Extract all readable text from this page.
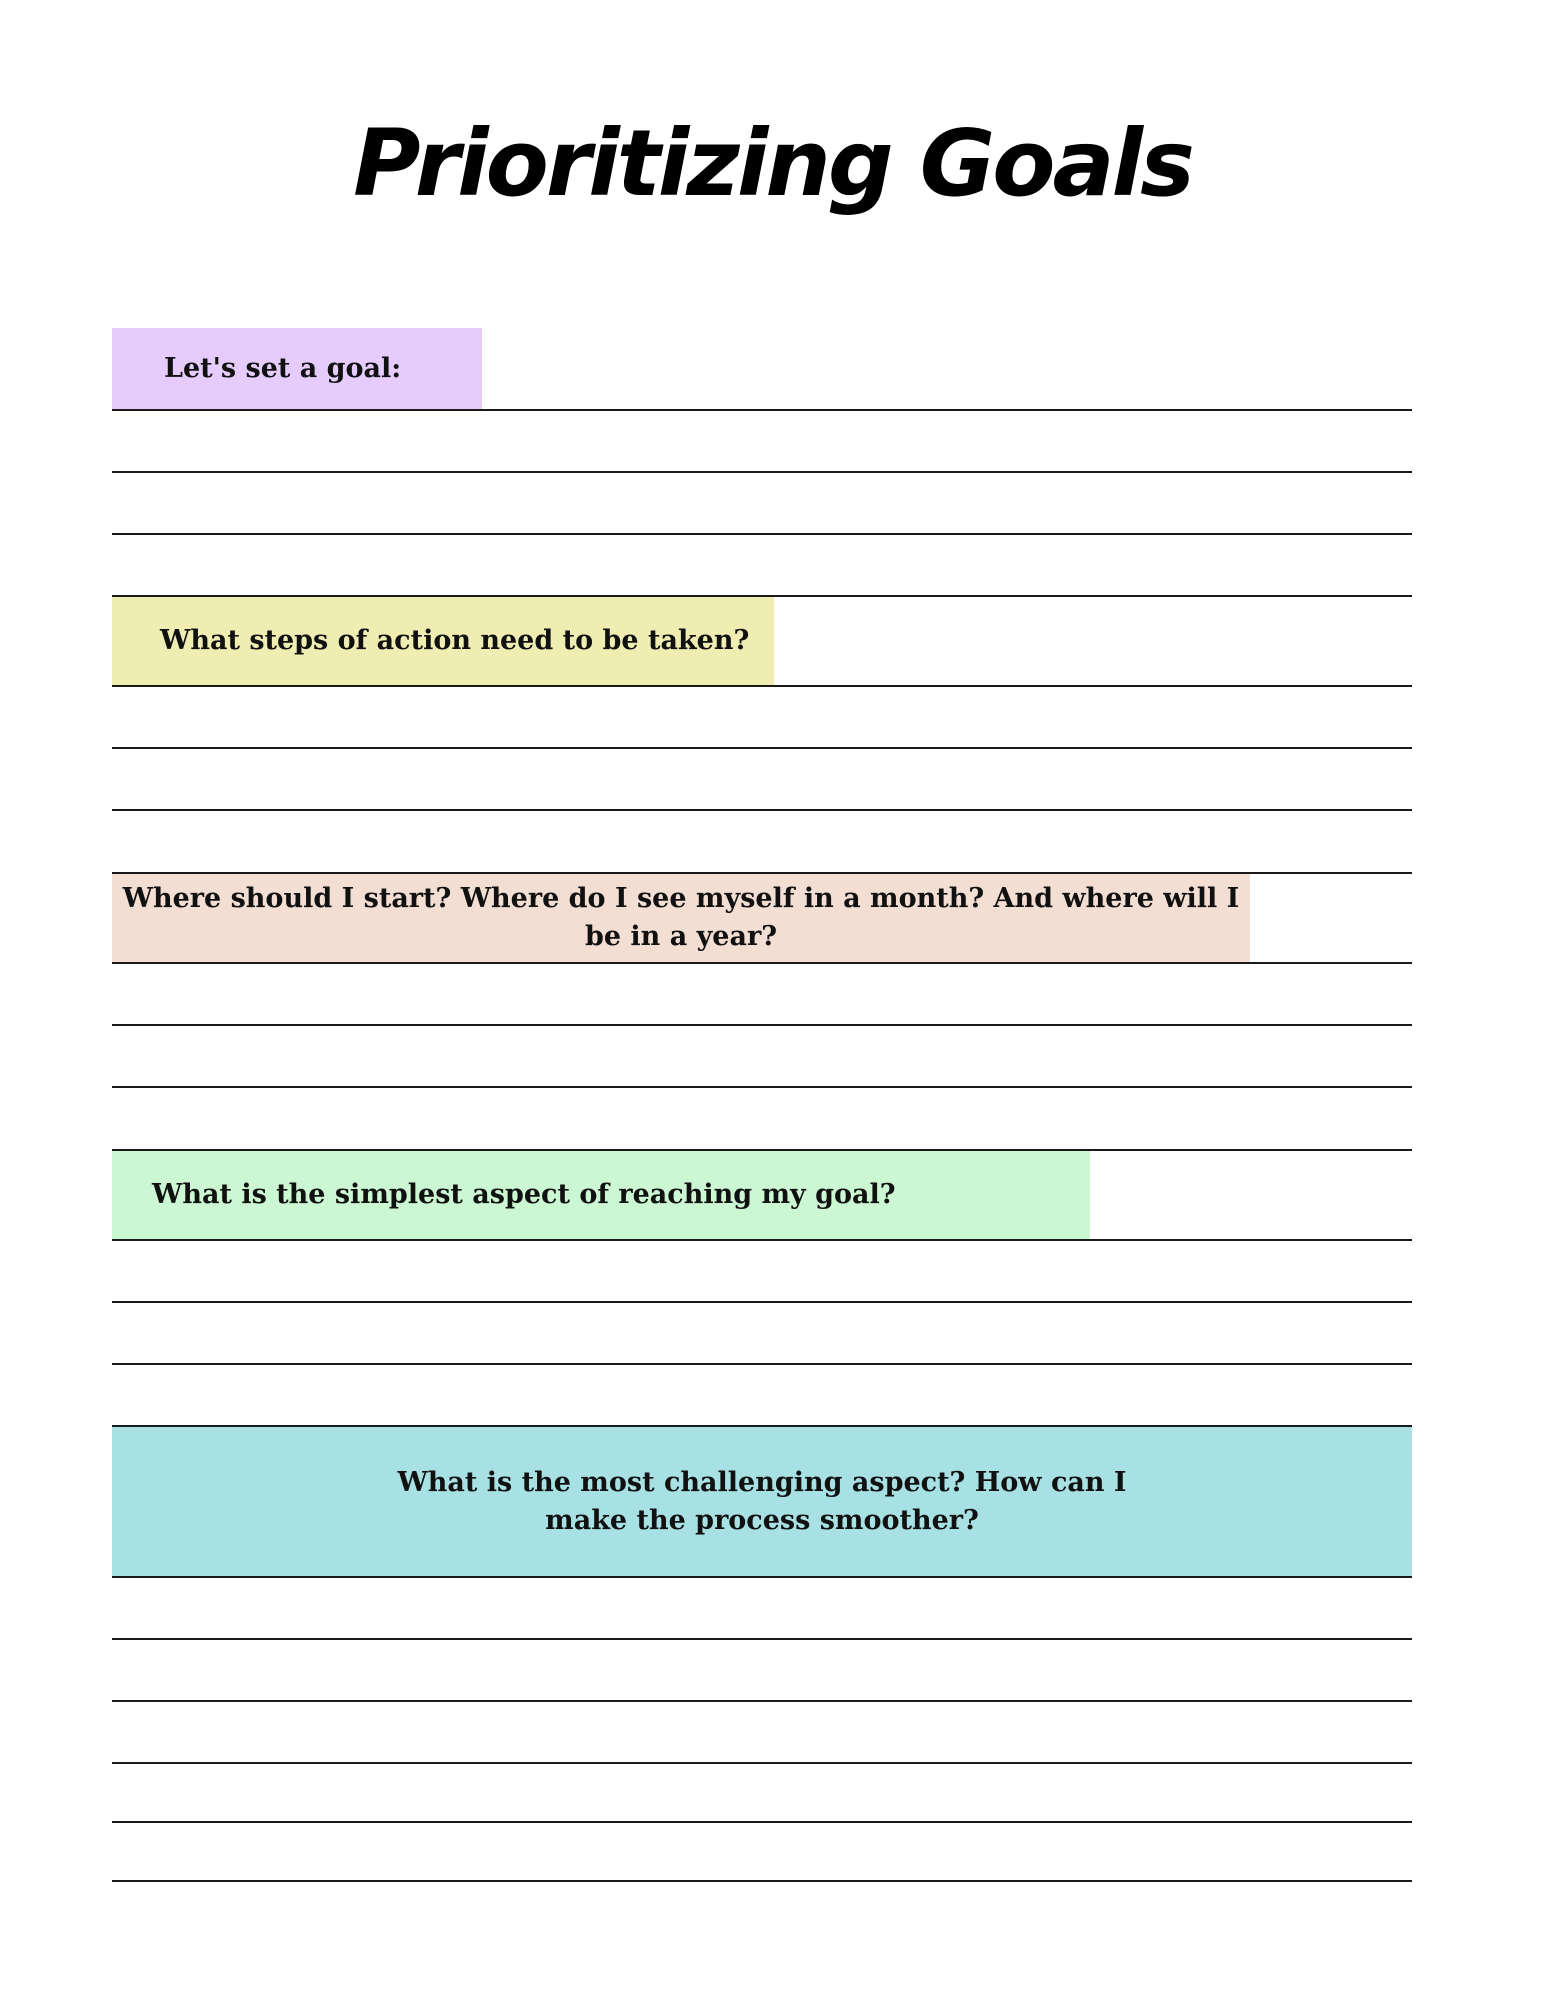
Prioritizing Goals
Let's set a goal:
What steps of action need to be taken?
Where should I start? Where do I see myself in a month? And where will I be in a year?
What is the simplest aspect of reaching my goal?
What is the most challenging aspect? How can I make the process smoother?
